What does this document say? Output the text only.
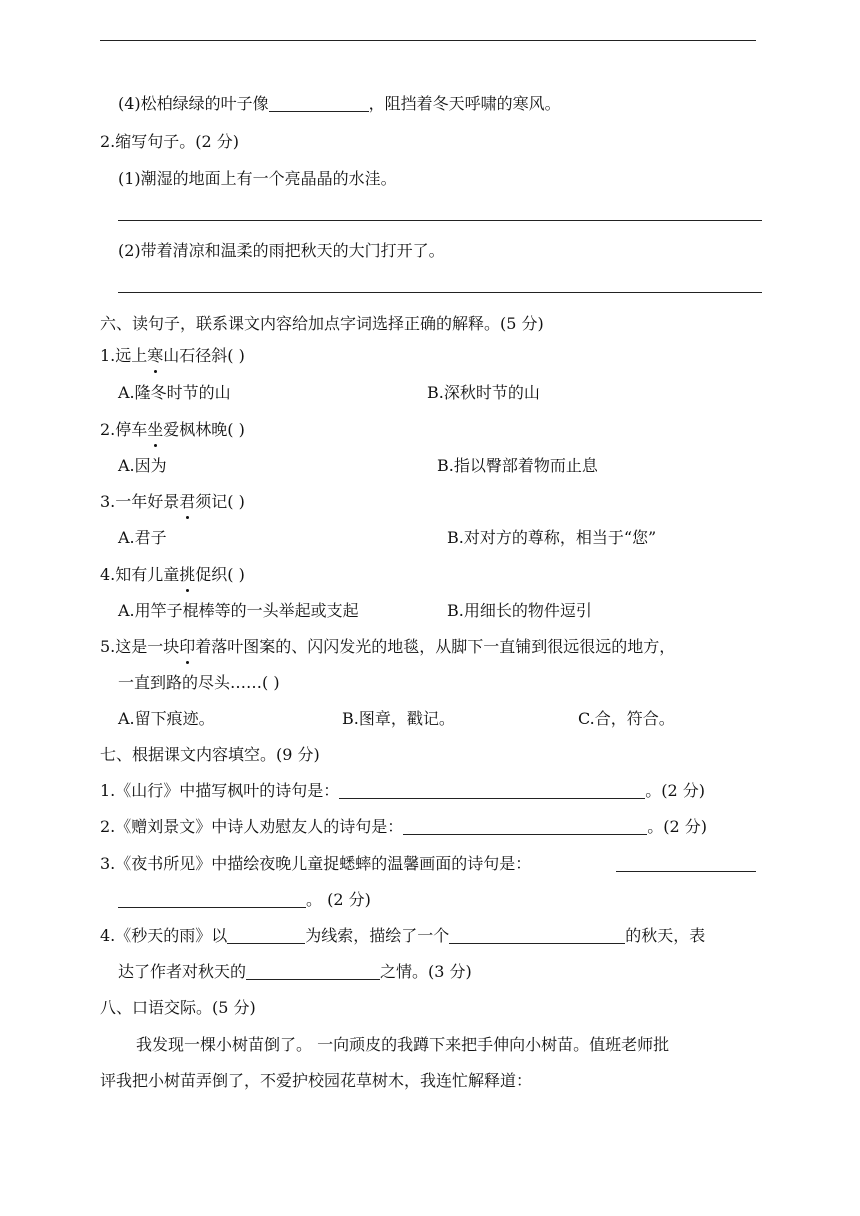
(4)松柏绿绿的叶子像	，阻挡着冬天呼啸的寒风。
2.缩写句子。(2 分)
(1)潮湿的地面上有一个亮晶晶的水洼。
(2)带着清凉和温柔的雨把秋天的大门打开了。
六、读句子，联系课文内容给加点字词选择正确的解释。(5 分)
1.远上寒山石径斜( )
A.隆冬时节的山	B.深秋时节的山
2.停车坐爱枫林晚( )
A.因为	B.指以臀部着物而止息
3.一年好景君须记( )
A.君子	B.对对方的尊称，相当于“您”
4.知有儿童挑促织( )
A.用竿子棍棒等的一头举起或支起	B.用细长的物件逗引
5.这是一块印着落叶图案的、闪闪发光的地毯，从脚下一直铺到很远很远的地方，
一直到路的尽头……( )
A.留下痕迹。	B.图章，戳记。	C.合，符合。
七、根据课文内容填空。(9 分)
1.《山行》中描写枫叶的诗句是：	。(2 分)
2.《赠刘景文》中诗人劝慰友人的诗句是：	。(2 分)
3.《夜书所见》中描绘夜晚儿童捉蟋蟀的温馨画面的诗句是：
。 (2 分)
4.《秒天的雨》以	为线索，描绘了一个	的秋天，表
达了作者对秋天的	之情。(3 分)
八、口语交际。(5 分)
我发现一棵小树苗倒了。 一向顽皮的我蹲下来把手伸向小树苗。值班老师批
评我把小树苗弄倒了，不爱护校园花草树木，我连忙解释道：
